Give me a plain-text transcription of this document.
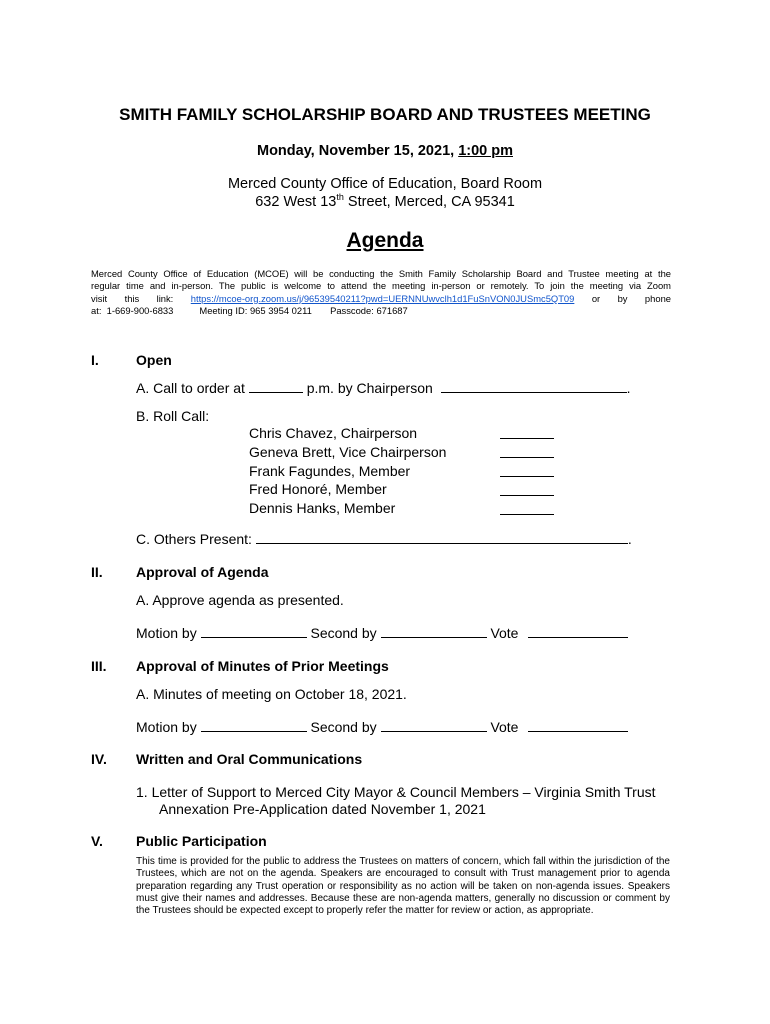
SMITH FAMILY SCHOLARSHIP BOARD AND TRUSTEES MEETING
Monday, November 15, 2021, 1:00 pm
Merced County Office of Education, Board Room
632 West 13th Street, Merced, CA 95341
Agenda
Merced County Office of Education (MCOE) will be conducting the Smith Family Scholarship Board and Trustee meeting at the
regular time and in-person. The public is welcome to attend the meeting in-person or remotely. To join the meeting via Zoom
visit this link: https://mcoe-org.zoom.us/j/96539540211?pwd=UERNNUwvclh1d1FuSnVON0JUSmc5QT09 or by phone
at:  1-669-900-6833	Meeting ID: 965 3954 0211 Passcode: 671687
I.	Open
A. Call to order at	p.m. by Chairperson	.
B. Roll Call:
Chris Chavez, Chairperson
Geneva Brett, Vice Chairperson
Frank Fagundes, Member
Fred Honoré, Member
Dennis Hanks, Member
C. Others Present:	.
II. Approval of Agenda
A. Approve agenda as presented.
Motion by	Second by	Vote
III. Approval of Minutes of Prior Meetings
A. Minutes of meeting on October 18, 2021.
Motion by	Second by	Vote
IV. Written and Oral Communications
1. Letter of Support to Merced City Mayor & Council Members – Virginia Smith Trust
Annexation Pre-Application dated November 1, 2021
V. Public Participation
This time is provided for the public to address the Trustees on matters of concern, which fall within the jurisdiction of the Trustees, which are not on the agenda. Speakers are encouraged to consult with Trust management prior to agenda preparation regarding any Trust operation or responsibility as no action will be taken on non-agenda issues. Speakers must give their names and addresses. Because these are non-agenda matters, generally no discussion or comment by the Trustees should be expected except to properly refer the matter for review or action, as appropriate.
